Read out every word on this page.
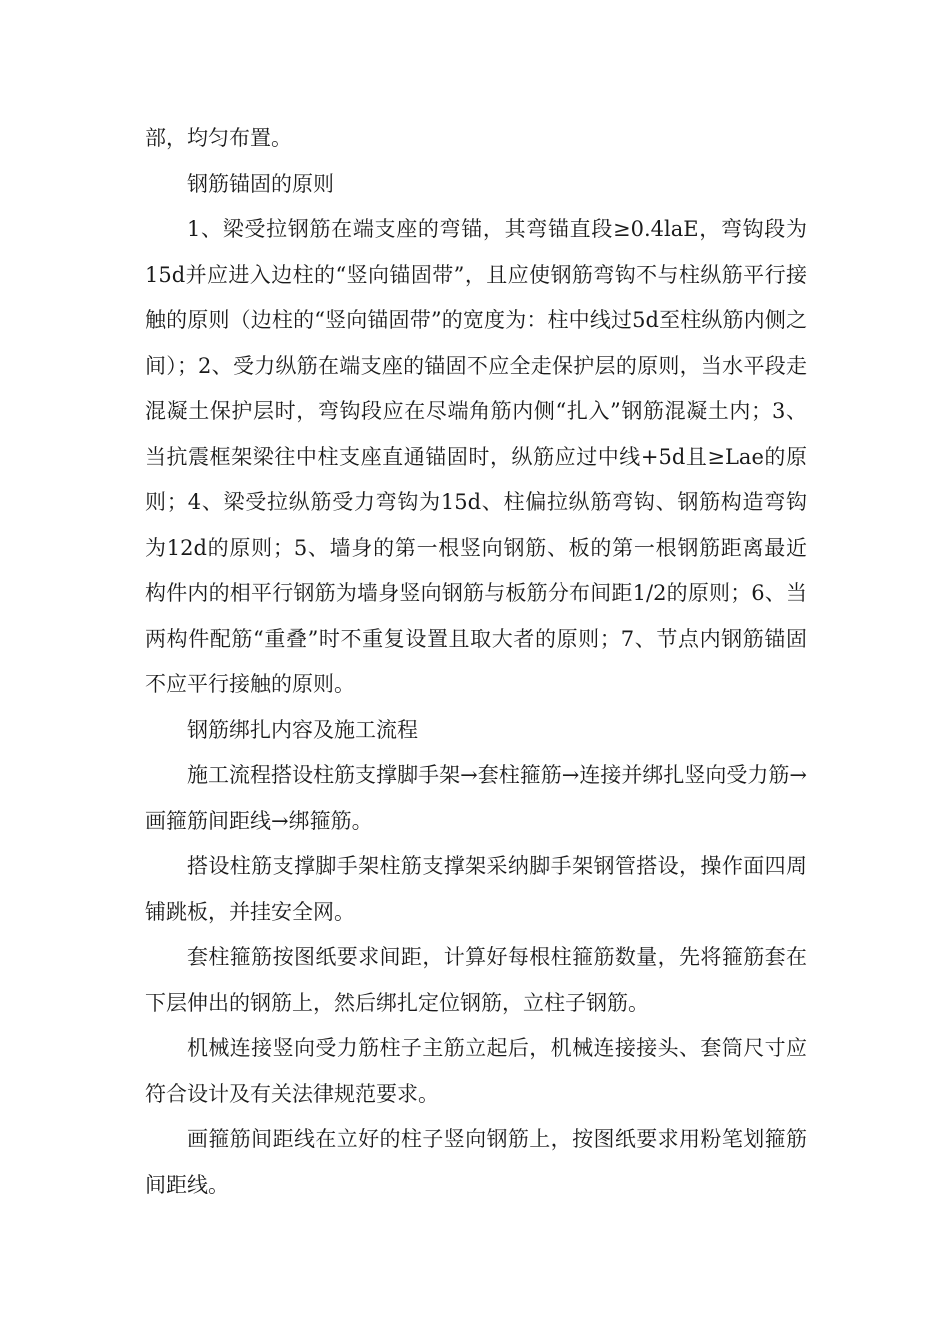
部，均匀布置。

钢筋锚固的原则

1、梁受拉钢筋在端支座的弯锚，其弯锚直段≥0.4laE，弯钩段为15d并应进入边柱的“竖向锚固带”，且应使钢筋弯钩不与柱纵筋平行接触的原则（边柱的“竖向锚固带”的宽度为：柱中线过5d至柱纵筋内侧之间）；2、受力纵筋在端支座的锚固不应全走保护层的原则，当水平段走混凝土保护层时，弯钩段应在尽端角筋内侧“扎入”钢筋混凝土内；3、当抗震框架梁往中柱支座直通锚固时，纵筋应过中线+5d且≥Lae的原则；4、梁受拉纵筋受力弯钩为15d、柱偏拉纵筋弯钩、钢筋构造弯钩为12d的原则；5、墙身的第一根竖向钢筋、板的第一根钢筋距离最近构件内的相平行钢筋为墙身竖向钢筋与板筋分布间距1/2的原则；6、当两构件配筋“重叠”时不重复设置且取大者的原则；7、节点内钢筋锚固不应平行接触的原则。

钢筋绑扎内容及施工流程

施工流程搭设柱筋支撑脚手架→套柱箍筋→连接并绑扎竖向受力筋→画箍筋间距线→绑箍筋。

搭设柱筋支撑脚手架柱筋支撑架采纳脚手架钢管搭设，操作面四周铺跳板，并挂安全网。

套柱箍筋按图纸要求间距，计算好每根柱箍筋数量，先将箍筋套在下层伸出的钢筋上，然后绑扎定位钢筋，立柱子钢筋。

机械连接竖向受力筋柱子主筋立起后，机械连接接头、套筒尺寸应符合设计及有关法律规范要求。

画箍筋间距线在立好的柱子竖向钢筋上，按图纸要求用粉笔划箍筋间距线。
